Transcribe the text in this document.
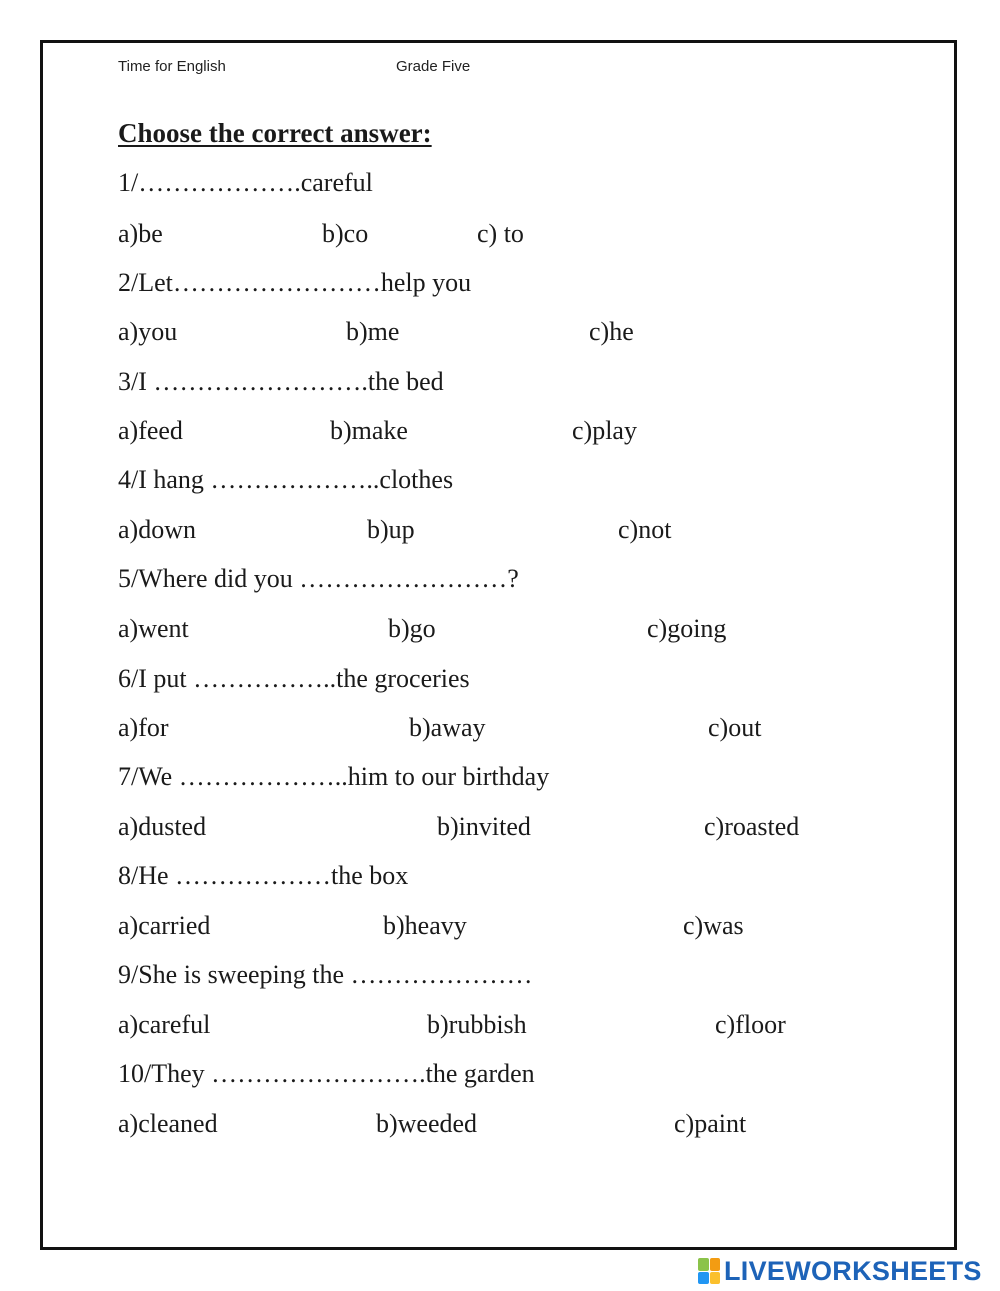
Time for English	Grade Five
Choose the correct answer:
1/……………….careful
a)be	b)co	c) to
2/Let……………………help you
a)you	b)me	c)he
3/I …………………….the bed
a)feed	b)make	c)play
4/I hang ………………..clothes
a)down	b)up	c)not
5/Where did you ……………………?
a)went	b)go	c)going
6/I put ……………..the groceries
a)for	b)away	c)out
7/We ………………..him to our birthday
a)dusted	b)invited	c)roasted
8/He ………………the box
a)carried	b)heavy	c)was
9/She is sweeping the …………………
a)careful	b)rubbish	c)floor
10/They …………………….the garden
a)cleaned	b)weeded	c)paint
LIVEWORKSHEETS
